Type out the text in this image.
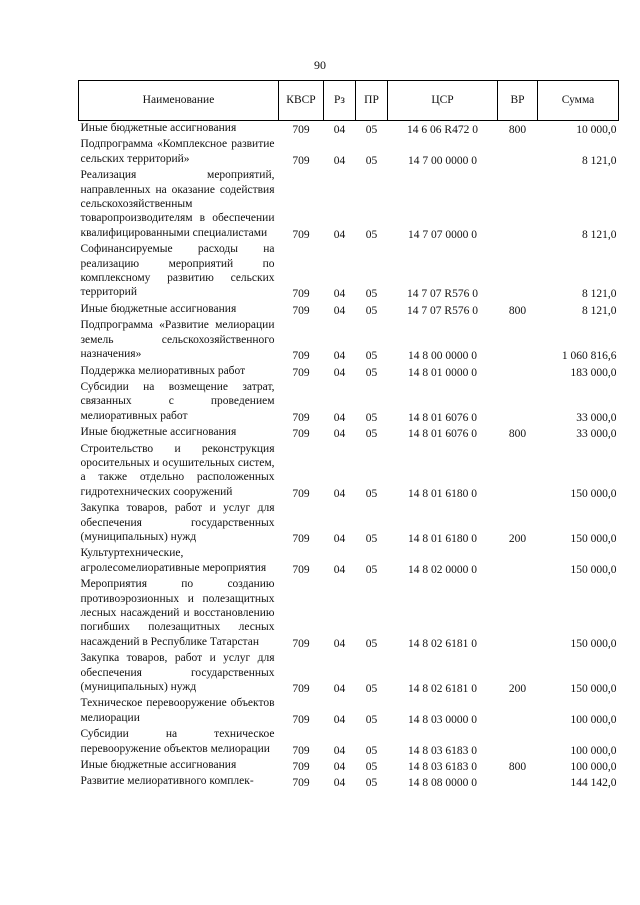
90
Наименование	КВСР	Рз	ПР	ЦСР	ВР	Сумма
Иные бюджетные ассигнования	709	04	05	14 6 06 R472 0	800	10 000,0
Подпрограмма «Комплексное развитие сельских территорий»	709	04	05	14 7 00 0000 0		8 121,0
Реализация мероприятий, направленных на оказание содействия сельскохозяйственным товаропроизводителям в обеспечении квалифицированными специалистами	709	04	05	14 7 07 0000 0		8 121,0
Софинансируемые расходы на реализацию мероприятий по комплексному развитию сельских территорий	709	04	05	14 7 07 R576 0		8 121,0
Иные бюджетные ассигнования	709	04	05	14 7 07 R576 0	800	8 121,0
Подпрограмма «Развитие мелиорации земель сельскохозяйственного назначения»	709	04	05	14 8 00 0000 0		1 060 816,6
Поддержка мелиоративных работ	709	04	05	14 8 01 0000 0		183 000,0
Субсидии на возмещение затрат, связанных с проведением мелиоративных работ	709	04	05	14 8 01 6076 0		33 000,0
Иные бюджетные ассигнования	709	04	05	14 8 01 6076 0	800	33 000,0
Строительство и реконструкция оросительных и осушительных систем, а также отдельно расположенных гидротехнических сооружений	709	04	05	14 8 01 6180 0		150 000,0
Закупка товаров, работ и услуг для обеспечения государственных (муниципальных) нужд	709	04	05	14 8 01 6180 0	200	150 000,0
Культуртехнические, агролесомелиоративные мероприятия	709	04	05	14 8 02 0000 0		150 000,0
Мероприятия по созданию противоэрозионных и полезащитных лесных насаждений и восстановлению погибших полезащитных лесных насаждений в Республике Татарстан	709	04	05	14 8 02 6181 0		150 000,0
Закупка товаров, работ и услуг для обеспечения государственных (муниципальных) нужд	709	04	05	14 8 02 6181 0	200	150 000,0
Техническое перевооружение объектов мелиорации	709	04	05	14 8 03 0000 0		100 000,0
Субсидии на техническое перевооружение объектов мелиорации	709	04	05	14 8 03 6183 0		100 000,0
Иные бюджетные ассигнования	709	04	05	14 8 03 6183 0	800	100 000,0
Развитие мелиоративного комплек-	709	04	05	14 8 08 0000 0		144 142,0
